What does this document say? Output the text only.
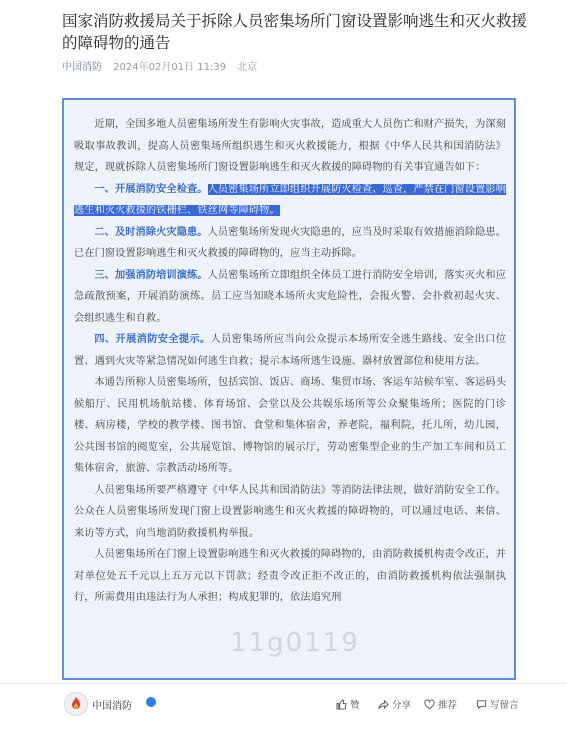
国家消防救援局关于拆除人员密集场所门窗设置影响逃生和灭火救援的障碍物的通告
中国消防 2024年02月01日 11:39 北京

近期，全国多地人员密集场所发生有影响火灾事故，造成重大人员伤亡和财产损失，为深刻吸取事故教训，提高人员密集场所组织逃生和灭火救援能力，根据《中华人民共和国消防法》规定，现就拆除人员密集场所门窗设置影响逃生和灭火救援的障碍物的有关事宜通告如下：

一、开展消防安全检查。人员密集场所立即组织开展防火检查、巡查，严禁在门窗设置影响逃生和灭火救援的铁栅栏、铁丝网等障碍物。

二、及时消除火灾隐患。人员密集场所发现火灾隐患的，应当及时采取有效措施消除隐患。已在门窗设置影响逃生和灭火救援的障碍物的，应当主动拆除。

三、加强消防培训演练。人员密集场所立即组织全体员工进行消防安全培训，落实灭火和应急疏散预案，开展消防演练。员工应当知晓本场所火灾危险性，会报火警、会扑救初起火灾、会组织逃生和自救。

四、开展消防安全提示。人员密集场所应当向公众提示本场所安全逃生路线、安全出口位置、遇到火灾等紧急情况如何逃生自救；提示本场所逃生设施、器材放置部位和使用方法。

本通告所称人员密集场所，包括宾馆、饭店、商场、集贸市场、客运车站候车室、客运码头候船厅、民用机场航站楼、体育场馆、会堂以及公共娱乐场所等公众聚集场所；医院的门诊楼、病房楼，学校的教学楼、图书馆、食堂和集体宿舍，养老院，福利院，托儿所，幼儿园，公共图书馆的阅览室，公共展览馆、博物馆的展示厅，劳动密集型企业的生产加工车间和员工集体宿舍，旅游、宗教活动场所等。

人员密集场所要严格遵守《中华人民共和国消防法》等消防法律法规，做好消防安全工作。公众在人员密集场所发现门窗上设置影响逃生和灭火救援的障碍物的，可以通过电话、来信、来访等方式，向当地消防救援机构举报。

人员密集场所在门窗上设置影响逃生和灭火救援的障碍物的，由消防救援机构责令改正，并对单位处五千元以上五万元以下罚款；经责令改正拒不改正的，由消防救援机构依法强制执行，所需费用由违法行为人承担；构成犯罪的，依法追究刑

11g0119
中国消防	赞	分享	推荐	写留言
